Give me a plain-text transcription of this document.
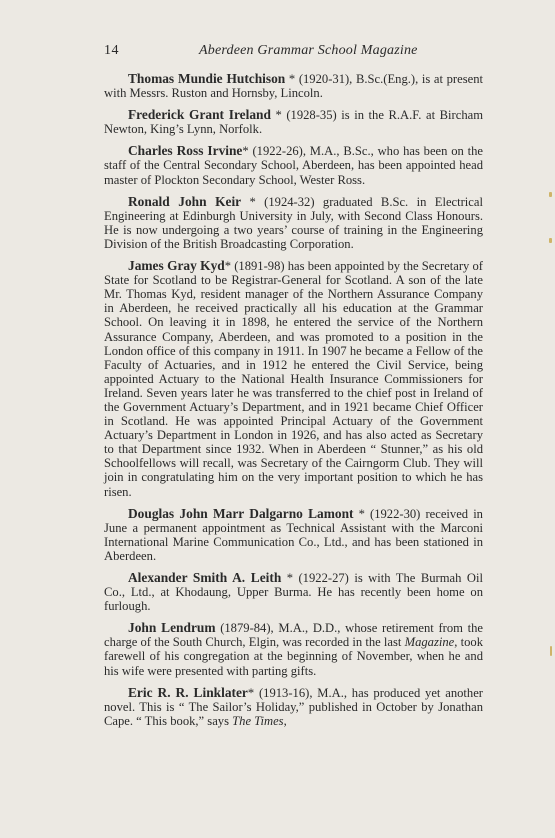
14	Aberdeen Grammar School Magazine

Thomas Mundie Hutchison * (1920-31), B.Sc.(Eng.), is at present with Messrs. Ruston and Hornsby, Lincoln.

Frederick Grant Ireland * (1928-35) is in the R.A.F. at Bircham Newton, King’s Lynn, Norfolk.

Charles Ross Irvine* (1922-26), M.A., B.Sc., who has been on the staff of the Central Secondary School, Aberdeen, has been appointed head master of Plockton Secondary School, Wester Ross.

Ronald John Keir * (1924-32) graduated B.Sc. in Electrical Engineering at Edinburgh University in July, with Second Class Honours. He is now undergoing a two years’ course of training in the Engineering Division of the British Broadcasting Corporation.

James Gray Kyd* (1891-98) has been appointed by the Secretary of State for Scotland to be Registrar-General for Scotland. A son of the late Mr. Thomas Kyd, resident manager of the Northern Assurance Company in Aberdeen, he received practically all his education at the Grammar School. On leaving it in 1898, he entered the service of the Northern Assurance Company, Aberdeen, and was promoted to a position in the London office of this company in 1911. In 1907 he became a Fellow of the Faculty of Actuaries, and in 1912 he entered the Civil Service, being appointed Actuary to the National Health Insurance Commissioners for Ireland. Seven years later he was transferred to the chief post in Ireland of the Government Actuary’s Department, and in 1921 became Chief Officer in Scotland. He was appointed Principal Actuary of the Government Actuary’s Department in London in 1926, and has also acted as Secretary to that Department since 1932. When in Aberdeen “ Stunner,” as his old Schoolfellows will recall, was Secretary of the Cairngorm Club. They will join in congratulating him on the very important position to which he has risen.

Douglas John Marr Dalgarno Lamont * (1922-30) received in June a permanent appointment as Technical Assistant with the Marconi International Marine Communication Co., Ltd., and has been stationed in Aberdeen.

Alexander Smith A. Leith * (1922-27) is with The Burmah Oil Co., Ltd., at Khodaung, Upper Burma. He has recently been home on furlough.

John Lendrum (1879-84), M.A., D.D., whose retirement from the charge of the South Church, Elgin, was recorded in the last Magazine, took farewell of his congregation at the beginning of November, when he and his wife were presented with parting gifts.

Eric R. R. Linklater* (1913-16), M.A., has produced yet another novel. This is “ The Sailor’s Holiday,” published in October by Jonathan Cape. “ This book,” says The Times,
